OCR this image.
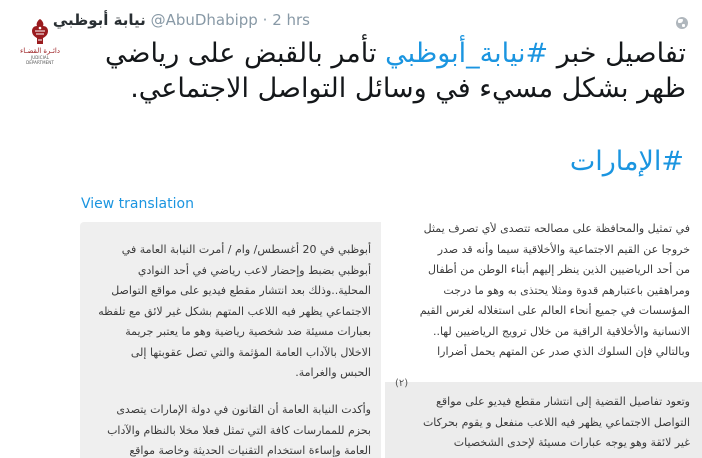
دائـرة القضـاء
JUDICIAL DEPARTMENT
نيابة أبوظبي @AbuDhabipp · 2 hrs
تفاصيل خبر #نيابة_أبوظبي تأمر بالقبض على رياضي ظهر بشكل مسيء في وسائل التواصل الاجتماعي.
#الإمارات
View translation
أبوظبي في 20 أغسطس/ وام / أمرت النيابة العامة في
أبوظبي بضبط وإحضار لاعب رياضي في أحد النوادي
المحلية..وذلك بعد انتشار مقطع فيديو على مواقع التواصل
الاجتماعي يظهر فيه اللاعب المتهم بشكل غير لائق مع تلفظه
بعبارات مسيئة ضد شخصية رياضية وهو ما يعتبر جريمة
الاخلال بالآداب العامة المؤثمة والتي تصل عقوبتها إلى
الحبس والغرامة.
وأكدت النيابة العامة أن القانون في دولة الإمارات يتصدى
بحزم للممارسات كافة التي تمثل فعلا مخلا بالنظام والآداب
العامة وإساءة استخدام التقنيات الحديثة وخاصة مواقع
في تمثيل والمحافظة على مصالحه تتصدى لأي تصرف يمثل
خروجا عن القيم الاجتماعية والأخلاقية سيما وأنه قد صدر
من أحد الرياضيين الذين ينظر إليهم أبناء الوطن من أطفال
ومراهقين باعتبارهم قدوة ومثلا يحتذى به وهو ما درجت
المؤسسات في جميع أنحاء العالم على استغلاله لغرس القيم
الانسانية والأخلاقية الراقية من خلال ترويج الرياضيين لها..
وبالتالي فإن السلوك الذي صدر عن المتهم يحمل أضرارا
(٢)
وتعود تفاصيل القضية إلى انتشار مقطع فيديو على مواقع
التواصل الاجتماعي يظهر فيه اللاعب منفعل و يقوم بحركات
غير لائقة وهو يوجه عبارات مسيئة لإحدى الشخصيات
